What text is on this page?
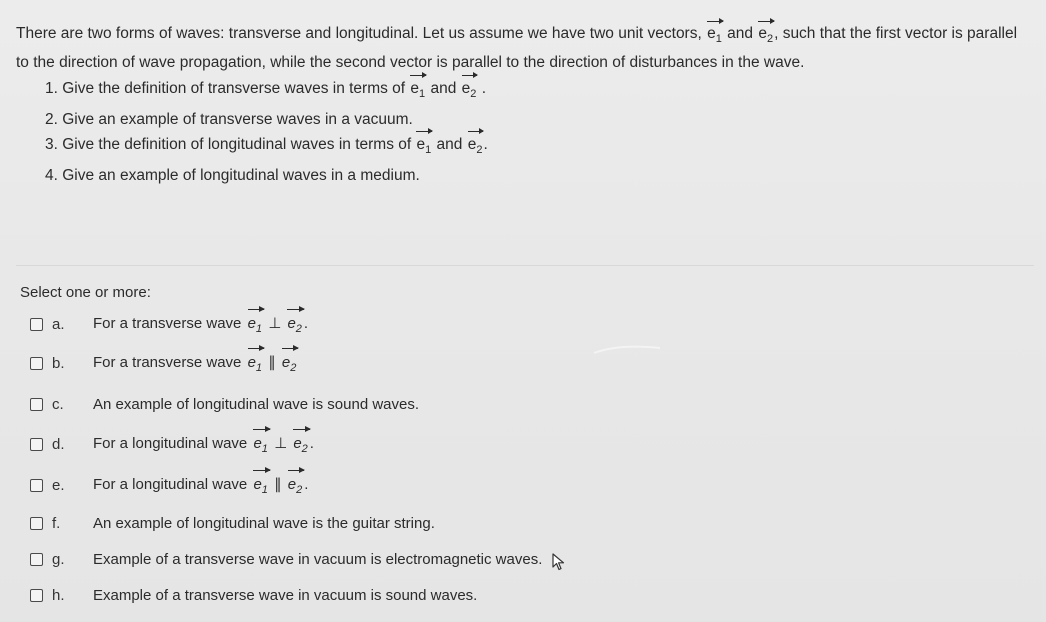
There are two forms of waves: transverse and longitudinal. Let us assume we have two unit vectors, $e_1$ and $e_2$, such that the first vector is parallel to the direction of wave propagation, while the second vector is parallel to the direction of disturbances in the wave.
1. Give the definition of transverse waves in terms of $e_1$ and $e_2$ .
2. Give an example of transverse waves in a vacuum.
3. Give the definition of longitudinal waves in terms of $e_1$ and $e_2$.
4. Give an example of longitudinal waves in a medium.
Select one or more:
a.	For a transverse wave $e_1$ ⊥ $e_2$ .
b.	For a transverse wave $e_1$ ∥ $e_2$
c.	An example of longitudinal wave is sound waves.
d.	For a longitudinal wave $e_1$ ⊥ $e_2$ .
e.	For a longitudinal wave $e_1$ ∥ $e_2$ .
f.	An example of longitudinal wave is the guitar string.
g.	Example of a transverse wave in vacuum is electromagnetic waves.
h.	Example of a transverse wave in vacuum is sound waves.
